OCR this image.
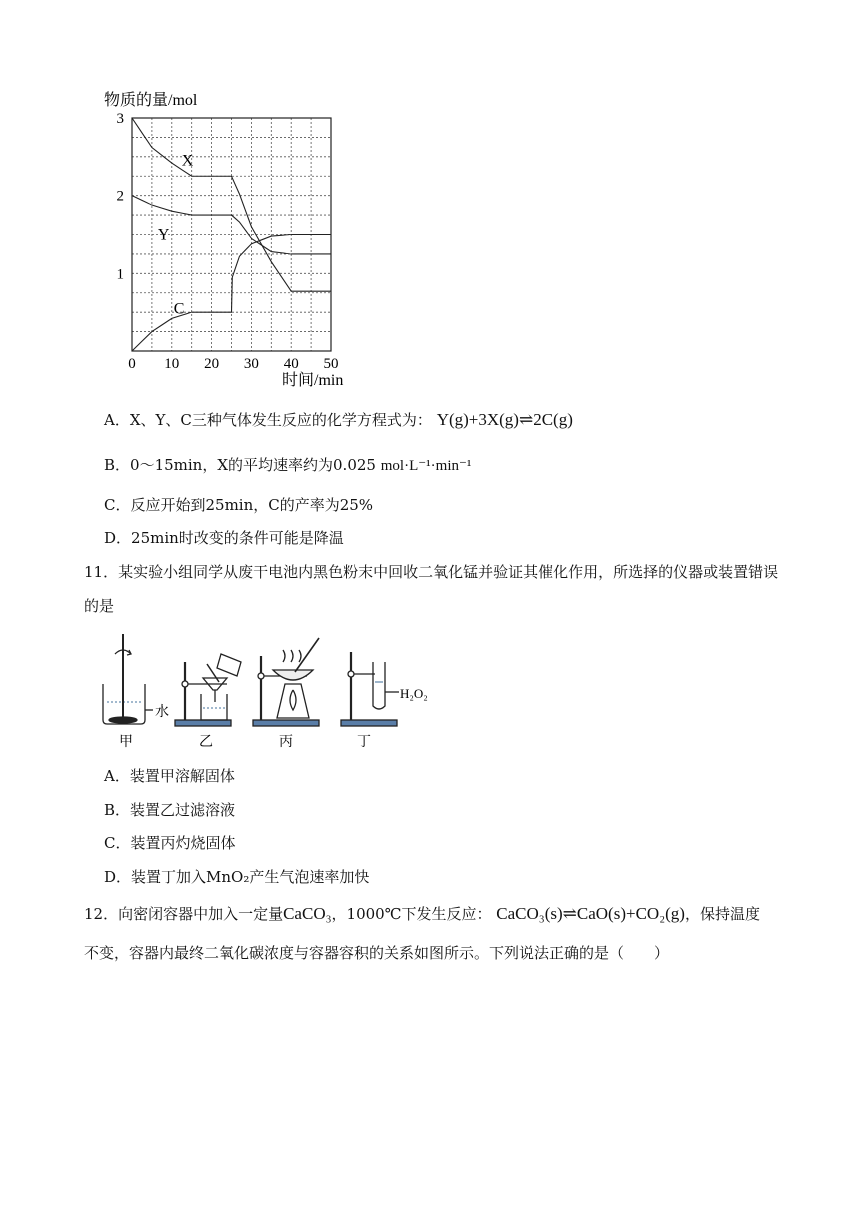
X
Y
C
0 10 20 30 40 50
1
2
3
物质的量/mol
时间/min
A．X、Y、C三种气体发生反应的化学方程式为： Y(g)+3X(g)⇌2C(g)
B．0～15min，X的平均速率约为0.025 mol·L⁻¹·min⁻¹
C．反应开始到25min，C的产率为25%
D．25min时改变的条件可能是降温
11．某实验小组同学从废干电池内黑色粉末中回收二氧化锰并验证其催化作用，所选择的仪器或装置错误
的是
水
H₂O₂
甲	乙	丙	丁
A．装置甲溶解固体
B．装置乙过滤溶液
C．装置丙灼烧固体
D．装置丁加入MnO₂产生气泡速率加快
12．向密闭容器中加入一定量CaCO₃，1000℃下发生反应： CaCO₃(s)⇌CaO(s)+CO₂(g)，保持温度
不变，容器内最终二氧化碳浓度与容器容积的关系如图所示。下列说法正确的是（　　）
